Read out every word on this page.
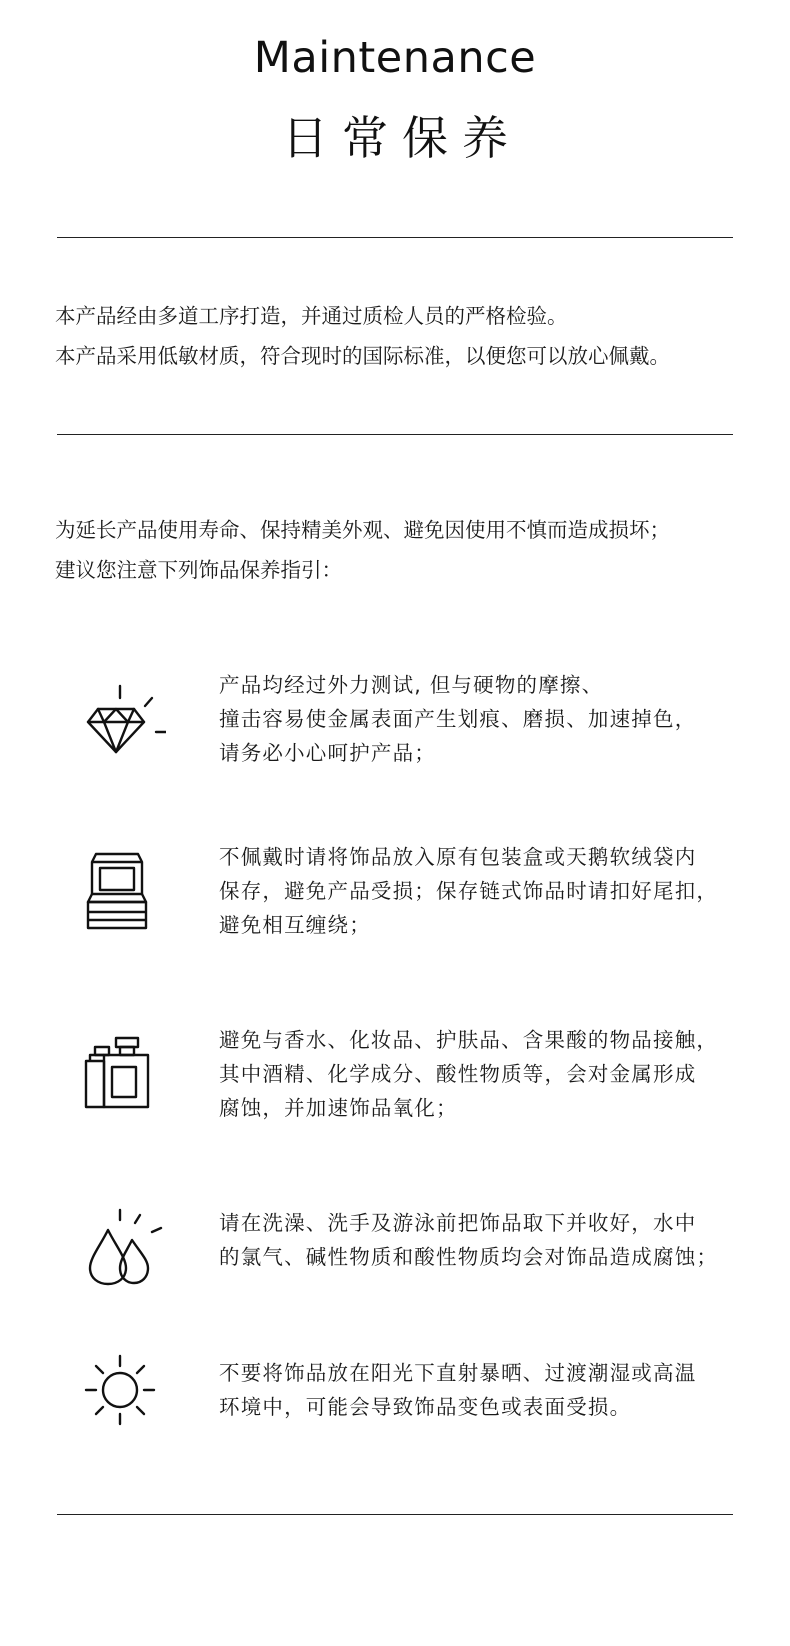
Maintenance
日常保养
本产品经由多道工序打造，并通过质检人员的严格检验。
本产品采用低敏材质，符合现时的国际标准，以便您可以放心佩戴。
为延长产品使用寿命、保持精美外观、避免因使用不慎而造成损坏；
建议您注意下列饰品保养指引：
产品均经过外力测试, 但与硬物的摩擦、
撞击容易使金属表面产生划痕、磨损、加速掉色，
请务必小心呵护产品；
不佩戴时请将饰品放入原有包装盒或天鹅软绒袋内
保存，避免产品受损；保存链式饰品时请扣好尾扣，
避免相互缠绕；
避免与香水、化妆品、护肤品、含果酸的物品接触，
其中酒精、化学成分、酸性物质等，会对金属形成
腐蚀，并加速饰品氧化；
请在洗澡、洗手及游泳前把饰品取下并收好，水中
的氯气、碱性物质和酸性物质均会对饰品造成腐蚀；
不要将饰品放在阳光下直射暴晒、过渡潮湿或高温
环境中，可能会导致饰品变色或表面受损。
